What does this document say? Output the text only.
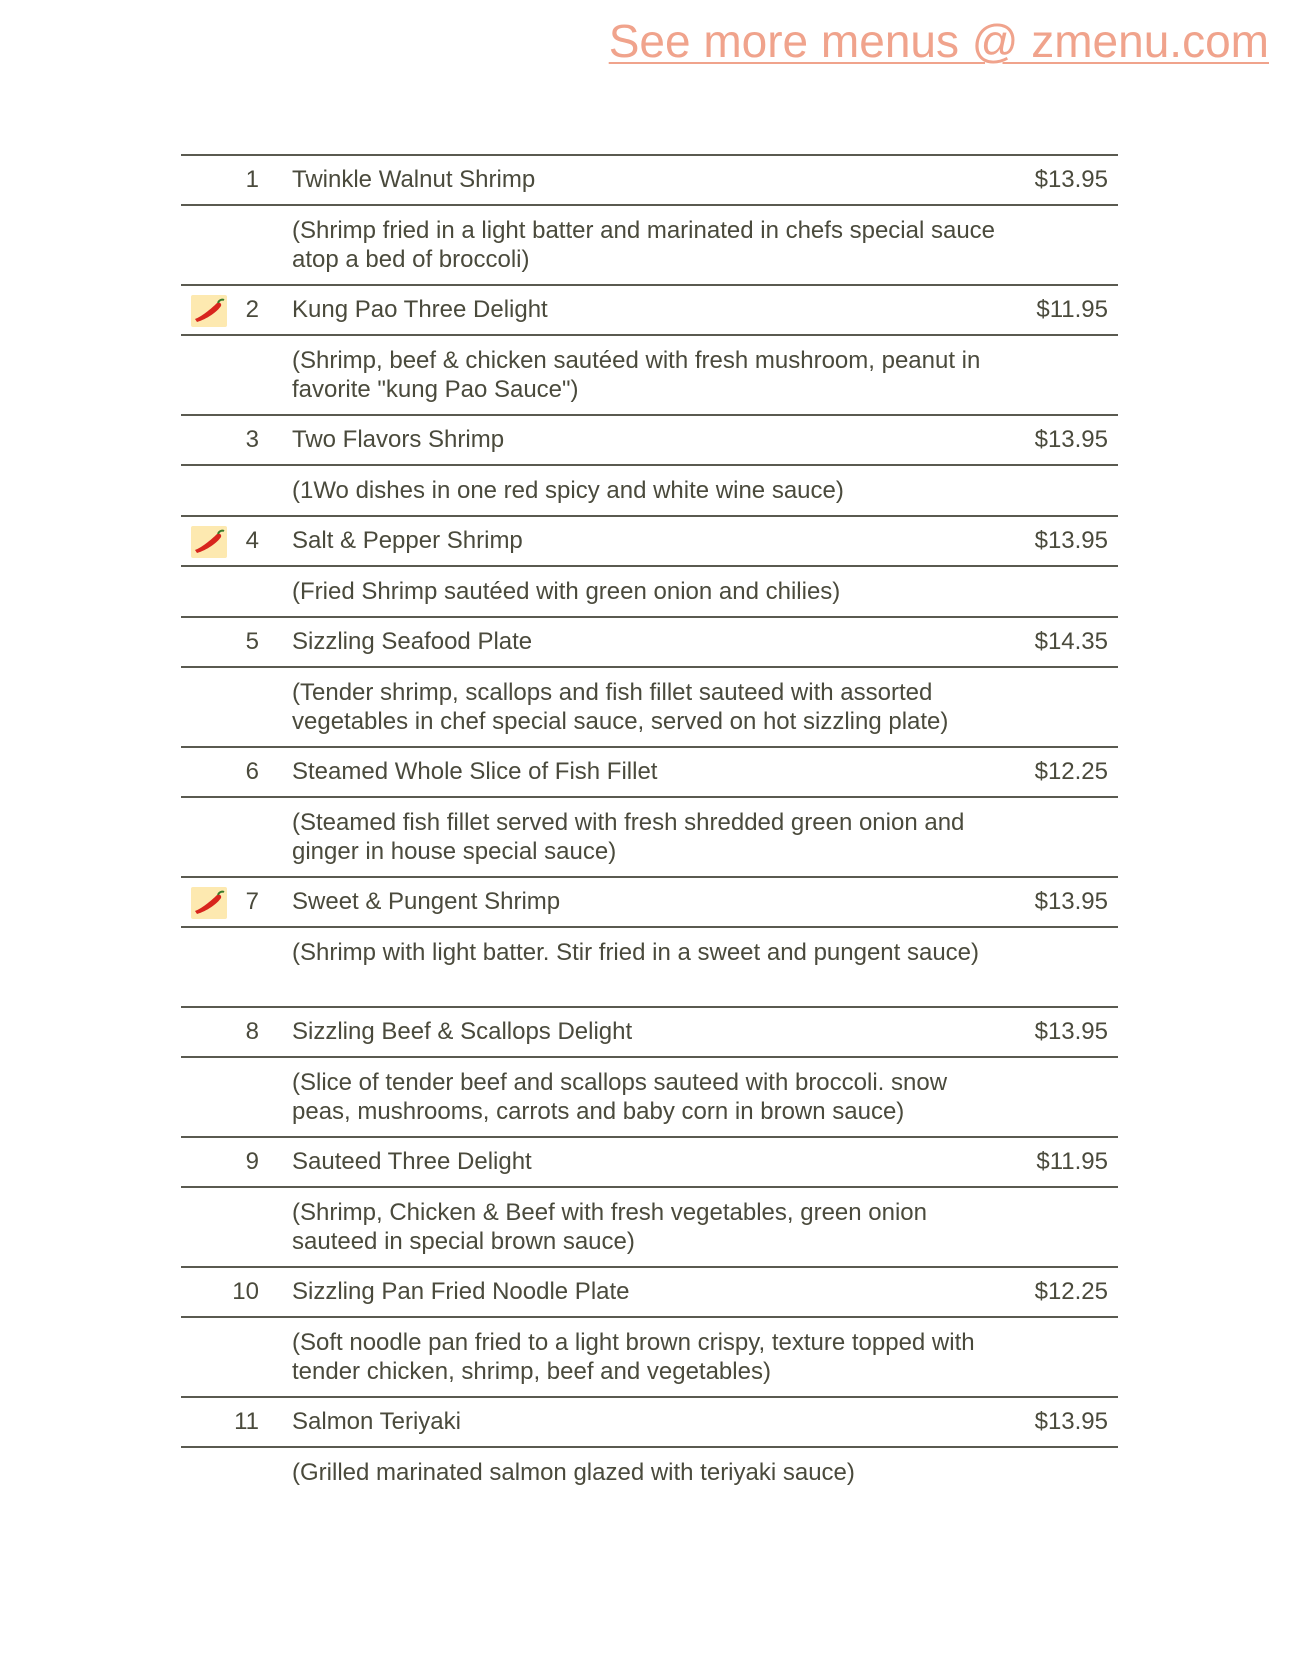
See more menus @ zmenu.com
1 Twinkle Walnut Shrimp	$13.95
(Shrimp fried in a light batter and marinated in chefs special sauce atop a bed of broccoli)
2 Kung Pao Three Delight	$11.95
(Shrimp, beef & chicken sautéed with fresh mushroom, peanut in favorite "kung Pao Sauce")
3 Two Flavors Shrimp	$13.95
(1Wo dishes in one red spicy and white wine sauce)
4 Salt & Pepper Shrimp	$13.95
(Fried Shrimp sautéed with green onion and chilies)
5 Sizzling Seafood Plate	$14.35
(Tender shrimp, scallops and fish fillet sauteed with assorted vegetables in chef special sauce, served on hot sizzling plate)
6 Steamed Whole Slice of Fish Fillet	$12.25
(Steamed fish fillet served with fresh shredded green onion and ginger in house special sauce)
7 Sweet & Pungent Shrimp	$13.95
(Shrimp with light batter. Stir fried in a sweet and pungent sauce)
8 Sizzling Beef & Scallops Delight	$13.95
(Slice of tender beef and scallops sauteed with broccoli. snow peas, mushrooms, carrots and baby corn in brown sauce)
9 Sauteed Three Delight	$11.95
(Shrimp, Chicken & Beef with fresh vegetables, green onion sauteed in special brown sauce)
10 Sizzling Pan Fried Noodle Plate	$12.25
(Soft noodle pan fried to a light brown crispy, texture topped with tender chicken, shrimp, beef and vegetables)
11 Salmon Teriyaki	$13.95
(Grilled marinated salmon glazed with teriyaki sauce)
